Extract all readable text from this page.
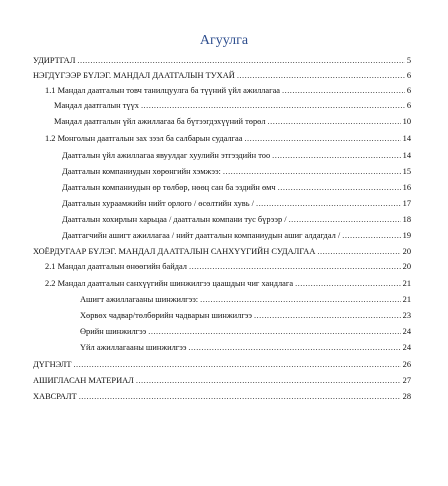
Агуулга
УДИРТГАЛ .....	5
НЭГДҮГЭЭР БҮЛЭГ. МАНДАЛ ДААТГАЛЫН ТУХАЙ .....	6
1.1 Мандал даатгалын товч танилцуулга ба түүний үйл ажиллагаа .....	6
Мандал даатгалын түүх .....	6
Мандал даатгалын үйл ажиллагаа ба бүтээгдэхүүний төрөл .....	10
1.2 Монголын даатгалын зах зээл ба салбарын судалгаа .....	14
Даатгалын үйл ажиллагаа явуулдаг хуулийн этгээдийн тоо .....	14
Даатгалын компаниудын хөрөнгийн хэмжээ: .....	15
Даатгалын компаниудын өр төлбөр, нөөц сан ба эздийн өмч .....	16
Даатгалын хураамжийн нийт орлого / өсөлтийн хувь / .....	17
Даатгалын хохирлын харьцаа / даатгалын компани тус бүрээр / .....	18
Даатгагчийн ашигт ажиллагаа / нийт даатгалын компаниудын ашиг алдагдал / .....	19
ХОЁРДУГААР БҮЛЭГ. МАНДАЛ ДААТГАЛЫН САНХҮҮГИЙН СУДАЛГАА .....	20
2.1 Мандал даатгалын өнөөгийн байдал .....	20
2.2 Мандал даатгалын санхүүгийн шинжилгээ цаашдын чиг хандлага .....	21
Ашигт ажиллагааны шинжилгээ: .....	21
Хөрвөх чадвар/төлбөрийн чадварын шинжилгээ .....	23
Өрийн шинжилгээ .....	24
Үйл ажиллагааны шинжилгээ .....	24
ДҮГНЭЛТ .....	26
АШИГЛАСАН МАТЕРИАЛ .....	27
ХАВСРАЛТ .....	28
